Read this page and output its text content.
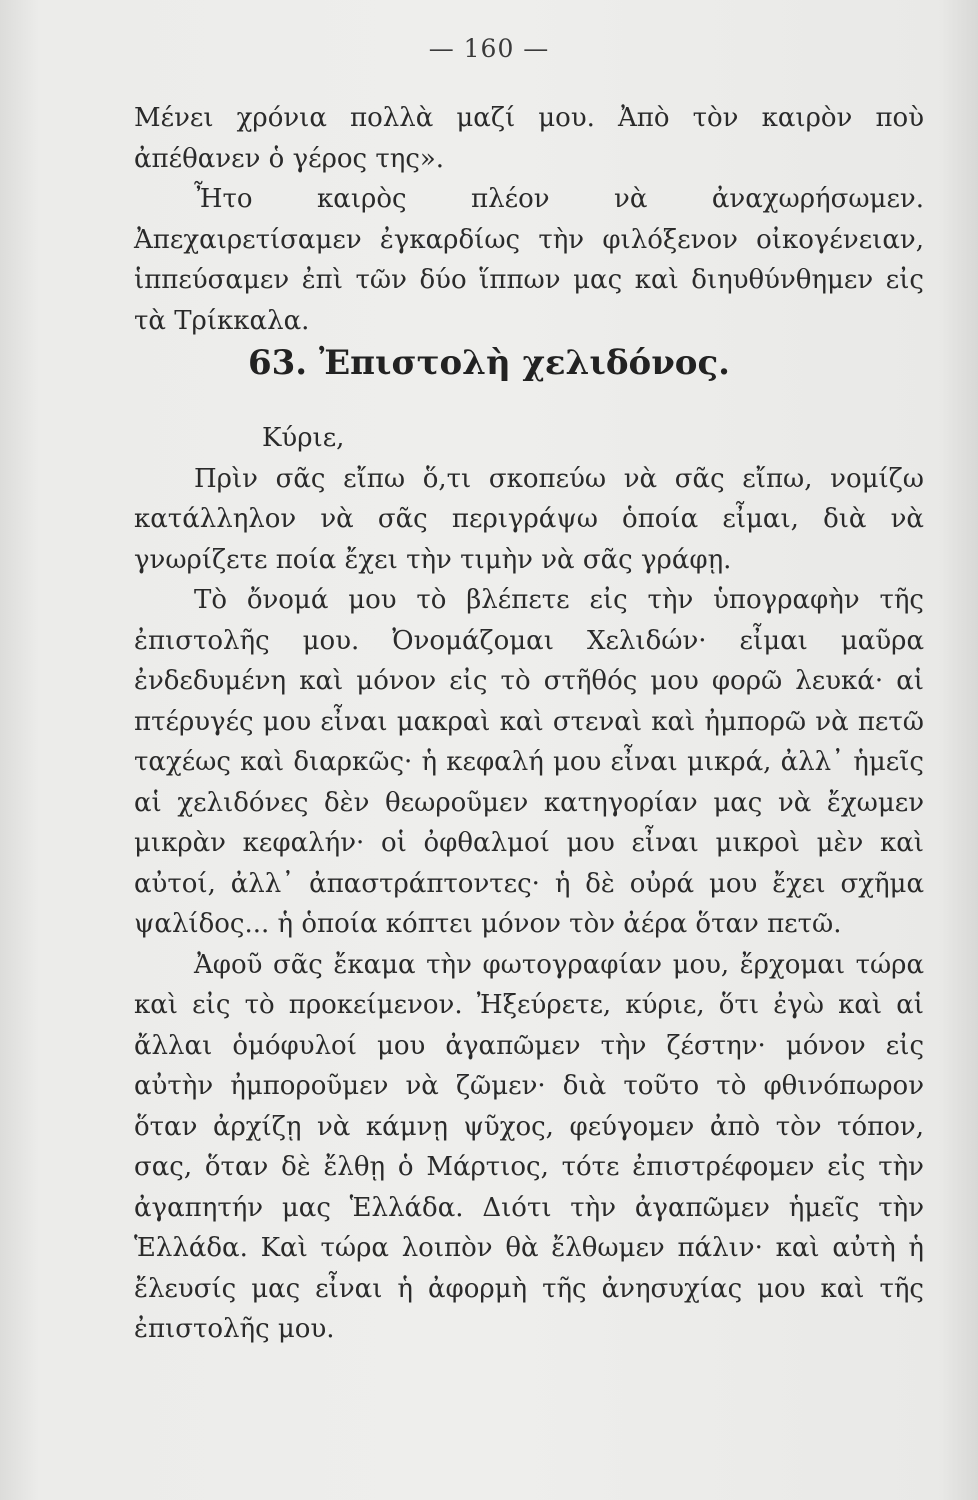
— 160 —

Μένει χρόνια πολλὰ μαζί μου. Ἀπὸ τὸν καιρὸν ποὺ ἀπέθανεν ὁ γέρος της».

Ἦτο καιρὸς πλέον νὰ ἀναχωρήσωμεν. Ἀπεχαιρετίσαμεν ἐγκαρδίως τὴν φιλόξενον οἰκογένειαν, ἱππεύσαμεν ἐπὶ τῶν δύο ἵππων μας καὶ διηυθύνθημεν εἰς τὰ Τρίκκαλα.

63. Ἐπιστολὴ χελιδόνος.

Κύριε,

Πρὶν σᾶς εἴπω ὅ,τι σκοπεύω νὰ σᾶς εἴπω, νομίζω κατάλληλον νὰ σᾶς περιγράψω ὁποία εἶμαι, διὰ νὰ γνωρίζετε ποία ἔχει τὴν τιμὴν νὰ σᾶς γράφῃ.

Τὸ ὄνομά μου τὸ βλέπετε εἰς τὴν ὑπογραφὴν τῆς ἐπιστολῆς μου. Ὀνομάζομαι Χελιδών· εἶμαι μαῦρα ἐνδεδυμένη καὶ μόνον εἰς τὸ στῆθός μου φορῶ λευκά· αἱ πτέρυγές μου εἶναι μακραὶ καὶ στεναὶ καὶ ἠμπορῶ νὰ πετῶ ταχέως καὶ διαρκῶς· ἡ κεφαλή μου εἶναι μικρά, ἀλλ᾽ ἡμεῖς αἱ χελιδόνες δὲν θεωροῦμεν κατηγορίαν μας νὰ ἔχωμεν μικρὰν κεφαλήν· οἱ ὀφθαλμοί μου εἶναι μικροὶ μὲν καὶ αὐτοί, ἀλλ᾽ ἀπαστράπτοντες· ἡ δὲ οὐρά μου ἔχει σχῆμα ψαλίδος... ἡ ὁποία κόπτει μόνον τὸν ἀέρα ὅταν πετῶ.

Ἀφοῦ σᾶς ἔκαμα τὴν φωτογραφίαν μου, ἔρχομαι τώρα καὶ εἰς τὸ προκείμενον. Ἠξεύρετε, κύριε, ὅτι ἐγὼ καὶ αἱ ἄλλαι ὁμόφυλοί μου ἀγαπῶμεν τὴν ζέστην· μόνον εἰς αὐτὴν ἠμποροῦμεν νὰ ζῶμεν· διὰ τοῦτο τὸ φθινόπωρον ὅταν ἀρχίζῃ νὰ κάμνῃ ψῦχος, φεύγομεν ἀπὸ τὸν τόπον, σας, ὅταν δὲ ἔλθῃ ὁ Μάρτιος, τότε ἐπιστρέφομεν εἰς τὴν ἀγαπητήν μας Ἑλλάδα. Διότι τὴν ἀγαπῶμεν ἡμεῖς τὴν Ἑλλάδα. Καὶ τώρα λοιπὸν θὰ ἔλθωμεν πάλιν· καὶ αὐτὴ ἡ ἔλευσίς μας εἶναι ἡ ἀφορμὴ τῆς ἀνησυχίας μου καὶ τῆς ἐπιστολῆς μου.
